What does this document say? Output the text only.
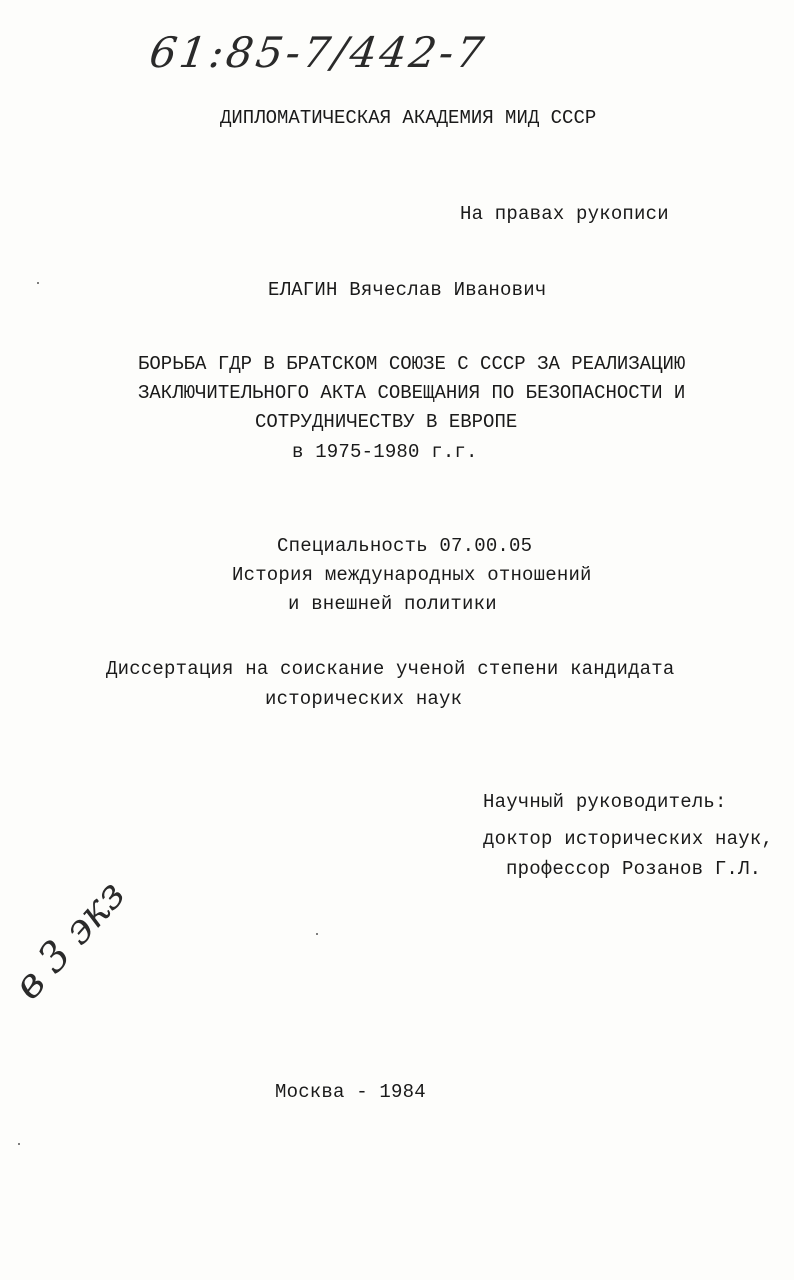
61:85-7/442-7
ДИПЛОМАТИЧЕСКАЯ АКАДЕМИЯ МИД СССР
На правах рукописи
ЕЛАГИН Вячеслав Иванович
БОРЬБА ГДР В БРАТСКОМ СОЮЗЕ С СССР ЗА РЕАЛИЗАЦИЮ
ЗАКЛЮЧИТЕЛЬНОГО АКТА СОВЕЩАНИЯ ПО БЕЗОПАСНОСТИ И
СОТРУДНИЧЕСТВУ В ЕВРОПЕ
в 1975-1980 г.г.
Специальность 07.00.05
История международных отношений
и внешней политики
Диссертация на соискание ученой степени кандидата
исторических наук
Научный руководитель:
доктор исторических наук,
профессор Розанов Г.Л.
в 3 экз
Москва - 1984
